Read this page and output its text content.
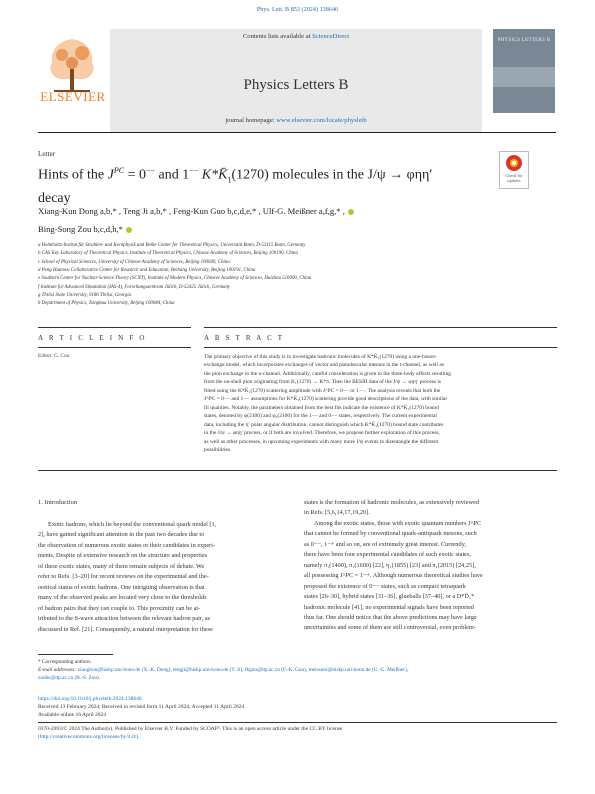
Phys. Lett. B 853 (2024) 138646
ELSEVIER
Contents lists available at ScienceDirect
Physics Letters B
journal homepage: www.elsevier.com/locate/physletb
PHYSICS LETTERS B
Letter
Hints of the $J^{PC} = 0^{--}$ and 1−− $K*K̄_1(1270)$ molecules in the J/ψ → φηη′
decay
Check for updates
Xiang-Kun Dong a,b,* , Teng Ji a,b,* , Feng-Kun Guo b,c,d,e,* , Ulf-G. Meißner a,f,g,* ,
Bing-Song Zou b,c,d,h,*
a Helmholtz-Institut für Strahlen- und Kernphysik and Bethe Center for Theoretical Physics, Universität Bonn, D-53115 Bonn, Germany
b CAS Key Laboratory of Theoretical Physics, Institute of Theoretical Physics, Chinese Academy of Sciences, Beijing 100190, China
c School of Physical Sciences, University of Chinese Academy of Sciences, Beijing 100049, China
d Peng Huanwu Collaborative Center for Research and Education, Beihang University, Beijing 100191, China
e Southern Center for Nuclear-Science Theory (SCNT), Institute of Modern Physics, Chinese Academy of Sciences, Huizhou 516000, China
f Institute for Advanced Simulation (IAS-4), Forschungszentrum Jülich, D-52425 Jülich, Germany
g Tbilisi State University, 0186 Tbilisi, Georgia
h Department of Physics, Tsinghua University, Beijing 100084, China
A R T I C L E I N F O	A B S T R A C T
Editor: G. Cuo	The primary objective of this study is to investigate hadronic molecules of K*K̄₁(1270) using a one-boson-
exchange model, which incorporates exchanges of vector and pseudoscalar mesons in the t-channel, as well as
the pion exchange in the u-channel. Additionally, careful consideration is given to the three-body effects resulting
from the on-shell pion originating from K₁(1270) → K*π. Then the BESIII data of the J/ψ → φηη′ process is
fitted using the K*K̄₁(1270) scattering amplitude with J^PC = 0−− or 1−−. The analysis reveals that both the
J^PC = 0−− and 1−− assumptions for K*K̄₁(1270) scattering provide good descriptions of the data, with similar
fit qualities. Notably, the parameters obtained from the best fits indicate the existence of K*K̄₁(1270) bound
states, denoted by φ(2100) and φ₀(2100) for the 1−− and 0−− states, respectively. The current experimental
data, including the η′ polar angular distribution, cannot distinguish which K*K̄₁(1270) bound state contributes
in the J/ψ → φηη′ process, or if both are involved. Therefore, we propose further exploration of this process,
as well as other processes, in upcoming experiments with many more J/ψ events to disentangle the different
possibilities.
1. Introduction
Exotic hadrons, which lie beyond the conventional quark model [1,
2], have gained significant attention in the past two decades due to
the observation of numerous exotic states or their candidates in experi-
ments. Despite of extensive research on the structure and properties
of these exotic states, many of them remain subjects of debate. We
refer to Refs. [3–20] for recent reviews on the experimental and the-
oretical status of exotic hadrons. One intriguing observation is that
many of the observed peaks are located very close to the thresholds
of hadron pairs that they can couple to. This proximity can be at-
tributed to the S-wave attraction between the relevant hadron pair, as
discussed in Ref. [21]. Consequently, a natural interpretation for these
states is the formation of hadronic molecules, as extensively reviewed
in Refs. [5,6,14,17,19,20].
Among the exotic states, those with exotic quantum numbers J^PC
that cannot be formed by conventional quark-antiquark mesons, such
as 0−−, 1−+ and so on, are of extremely great interest. Currently,
there have been four experimental candidates of such exotic states,
namely π₁(1400), π₁(1600) [22], η₁(1855) [23] and π₁(2015) [24,25],
all possessing J^PC = 1−+. Although numerous theoretical studies have
proposed the existence of 0−− states, such as compact tetraquark
states [26–30], hybrid states [31–36], glueballs [37–40], or a D*D̄₁*
hadronic molecule [41], no experimental signals have been reported
thus far. One should notice that the above predictions may have large
uncertainties and some of them are still controversial, even problem-
* Corresponding authors.
E-mail addresses: xiangkun@hiskp.uni-bonn.de (X.-K. Dong), tengji@hiskp.uni-bonn.de (T. Ji), fkguo@itp.ac.cn (F.-K. Guo), meissner@hiskp.uni-bonn.de (U.-G. Meißner),
zoubs@itp.ac.cn (B.-S. Zou).
https://doi.org/10.1016/j.physletb.2024.138646
Received 13 February 2024; Received in revised form 11 April 2024; Accepted 11 April 2024
Available online 16 April 2024
0370-2693/© 2024 The Author(s). Published by Elsevier B.V. Funded by SCOAP³. This is an open access article under the CC BY license
(http://creativecommons.org/licenses/by/4.0/).
